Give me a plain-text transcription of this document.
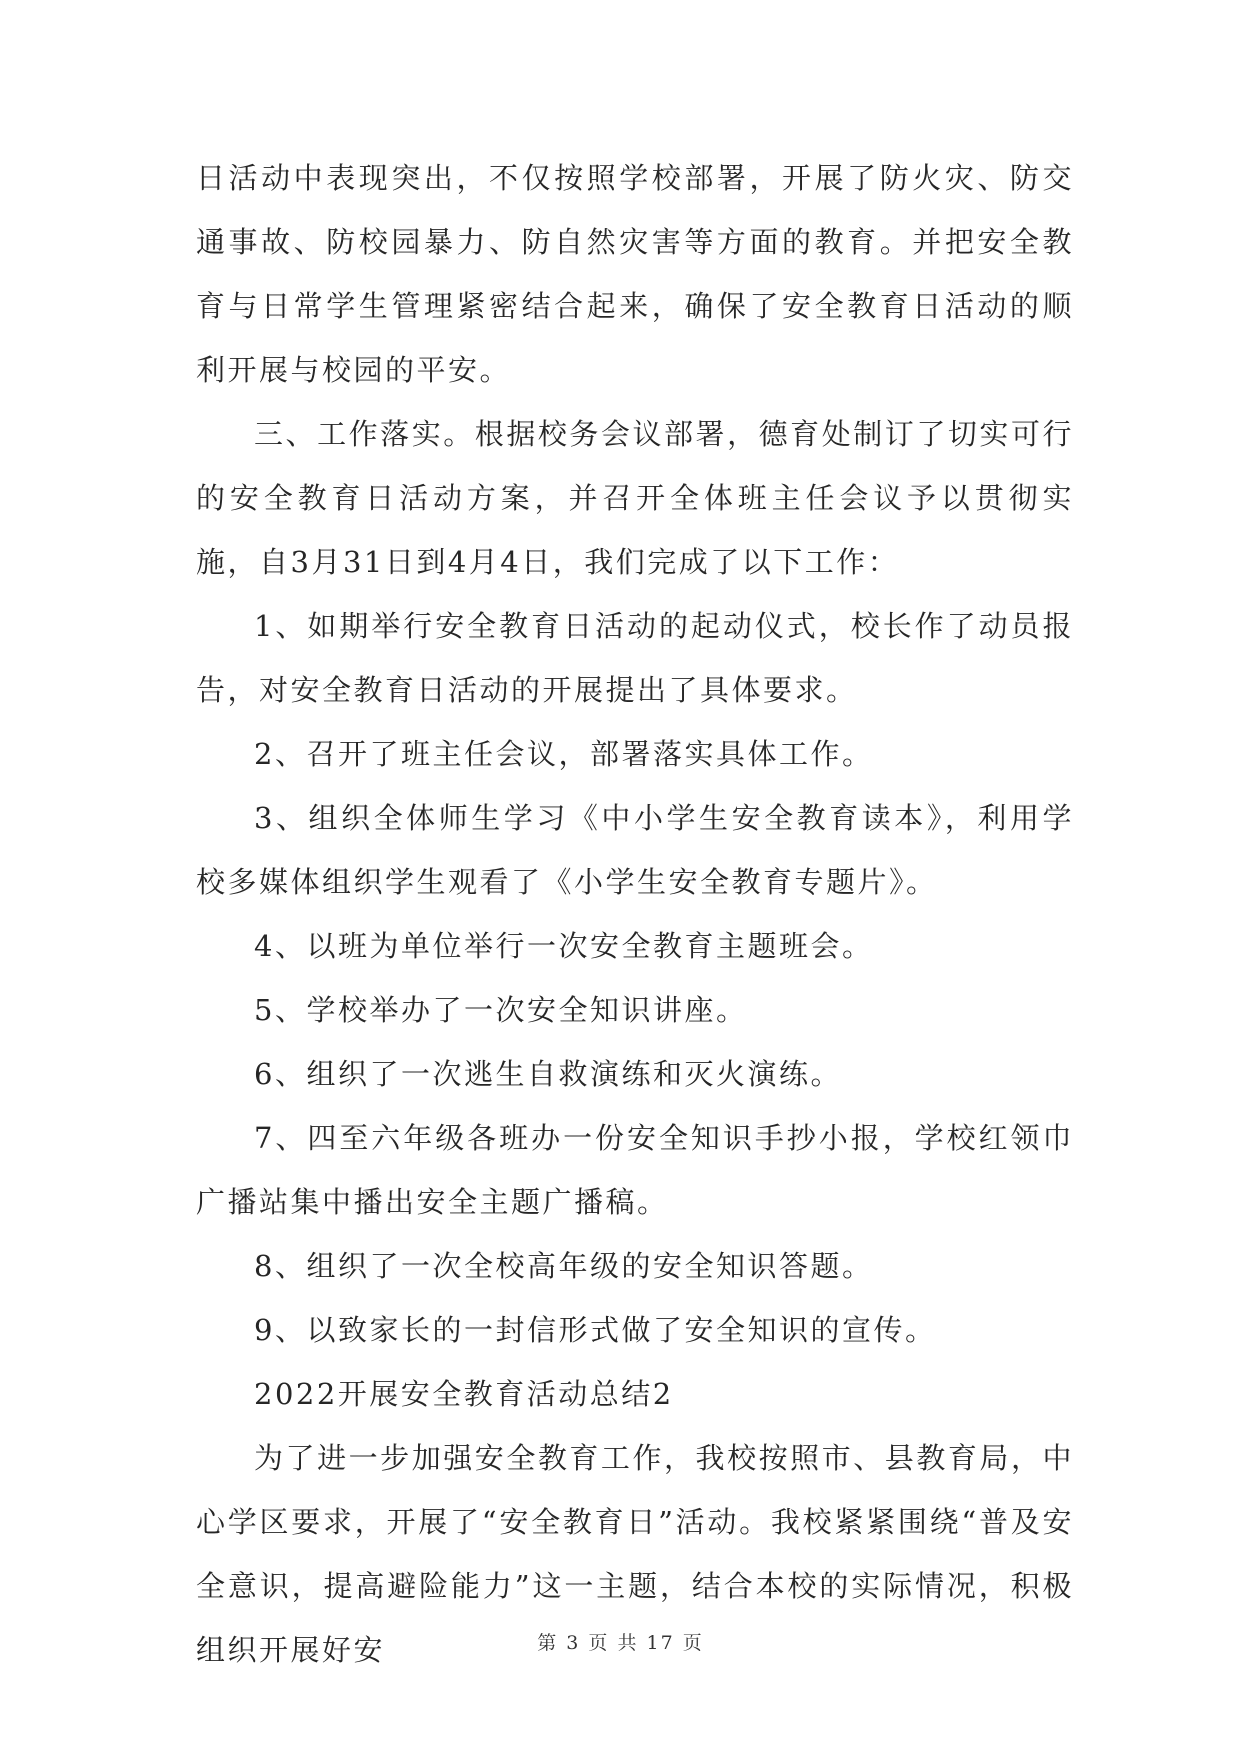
日活动中表现突出，不仅按照学校部署，开展了防火灾、防交通事故、防校园暴力、防自然灾害等方面的教育。并把安全教育与日常学生管理紧密结合起来，确保了安全教育日活动的顺利开展与校园的平安。

三、工作落实。根据校务会议部署，德育处制订了切实可行的安全教育日活动方案，并召开全体班主任会议予以贯彻实施，自3月31日到4月4日，我们完成了以下工作：

1、如期举行安全教育日活动的起动仪式，校长作了动员报告，对安全教育日活动的开展提出了具体要求。

2、召开了班主任会议，部署落实具体工作。

3、组织全体师生学习《中小学生安全教育读本》，利用学校多媒体组织学生观看了《小学生安全教育专题片》。

4、以班为单位举行一次安全教育主题班会。

5、学校举办了一次安全知识讲座。

6、组织了一次逃生自救演练和灭火演练。

7、四至六年级各班办一份安全知识手抄小报，学校红领巾广播站集中播出安全主题广播稿。

8、组织了一次全校高年级的安全知识答题。

9、以致家长的一封信形式做了安全知识的宣传。

2022开展安全教育活动总结2

为了进一步加强安全教育工作，我校按照市、县教育局，中心学区要求，开展了“安全教育日”活动。我校紧紧围绕“普及安全意识，提高避险能力”这一主题，结合本校的实际情况，积极组织开展好安	第 3 页 共 17 页
